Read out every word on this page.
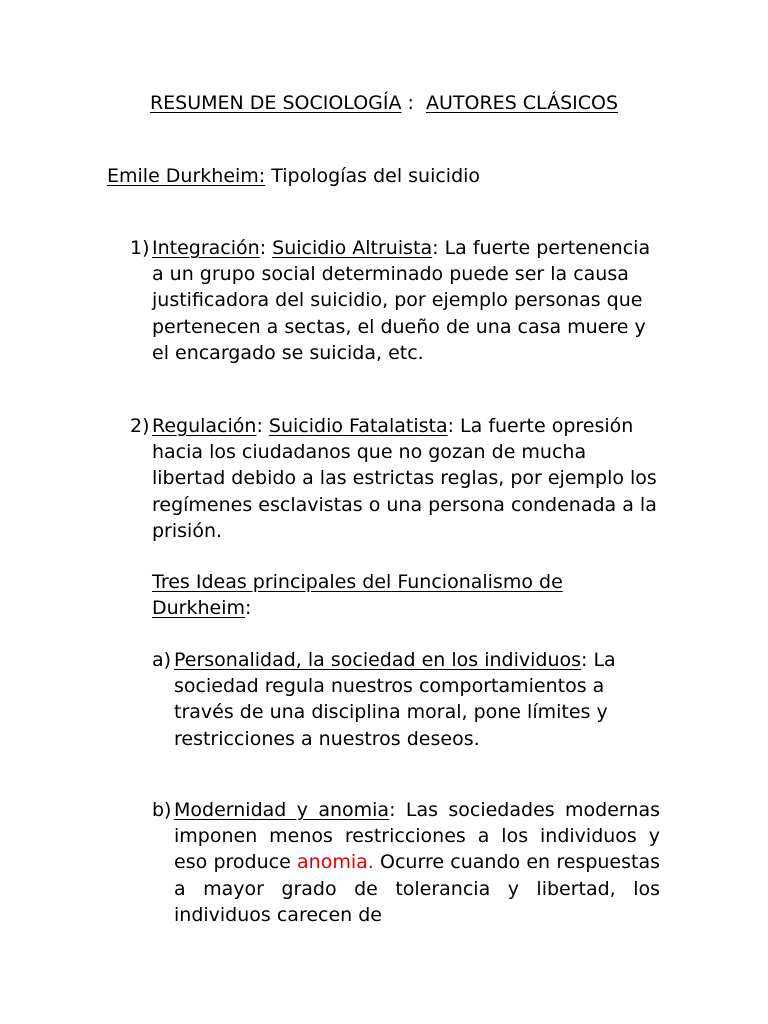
RESUMEN DE SOCIOLOGÍA :  AUTORES CLÁSICOS
Emile Durkheim: Tipologías del suicidio
1) Integración: Suicidio Altruista: La fuerte pertenencia a un grupo social determinado puede ser la causa justificadora del suicidio, por ejemplo personas que pertenecen a sectas, el dueño de una casa muere y el encargado se suicida, etc.
2) Regulación: Suicidio Fatalatista: La fuerte opresión hacia los ciudadanos que no gozan de mucha libertad debido a las estrictas reglas, por ejemplo los regímenes esclavistas o una persona condenada a la prisión.
Tres Ideas principales del Funcionalismo de Durkheim:
a) Personalidad, la sociedad en los individuos: La sociedad regula nuestros comportamientos a través de una disciplina moral, pone límites y restricciones a nuestros deseos.
b) Modernidad y anomia: Las sociedades modernas imponen menos restricciones a los individuos y eso produce anomia. Ocurre cuando en respuestas a mayor grado de tolerancia y libertad, los individuos carecen de
